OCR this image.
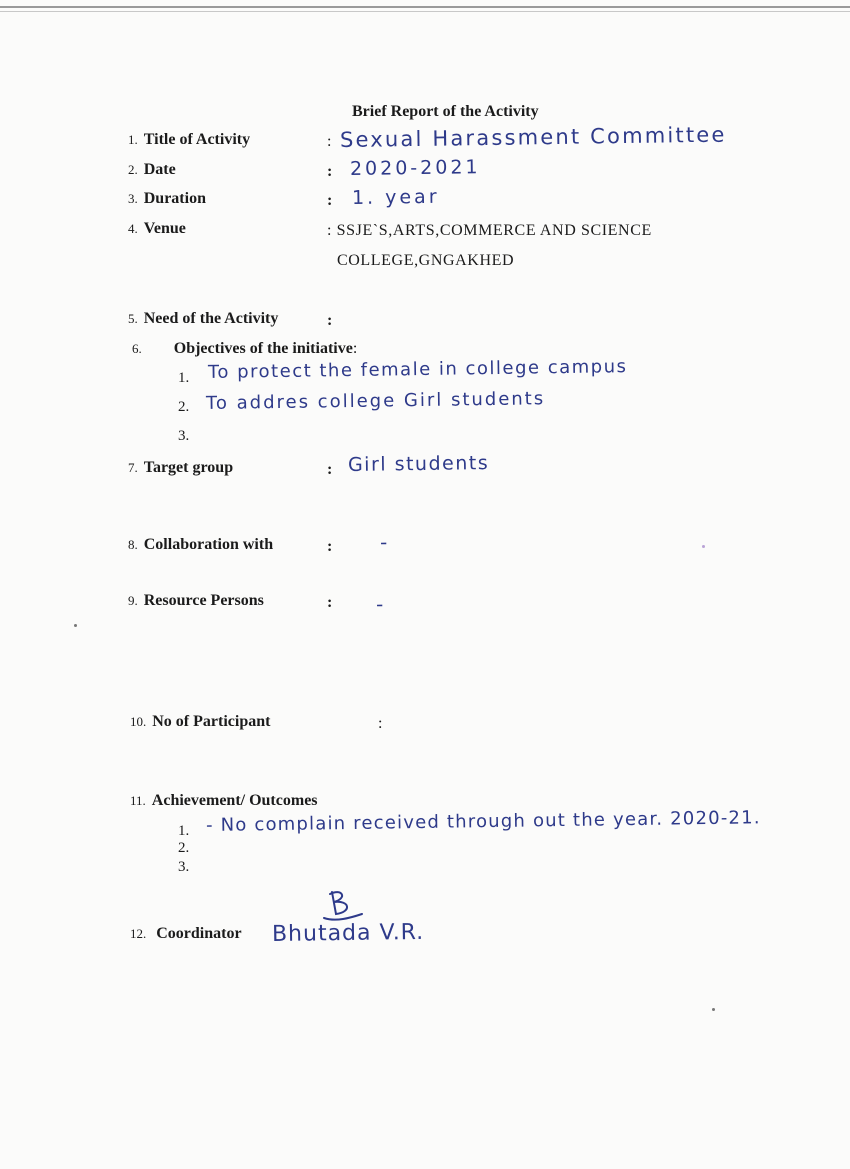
Brief Report of the Activity
1. Title of Activity	: Sexual Harassment Committee
2. Date	: 2020-2021
3. Duration	: 1. year
4. Venue	: SSJE`S,ARTS,COMMERCE AND SCIENCE
COLLEGE,GNGAKHED
5. Need of the Activity	:
6. Objectives of the initiative:
1. To protect the female in college campus
2. To addres college Girl students
3.
7. Target group	: Girl students
8. Collaboration with	: -
9. Resource Persons	: -
10. No of Participant	:
11. Achievement/ Outcomes
1. - No complain received through out the year. 2020-21.
2.
3.
12. Coordinator Bhutada V.R.
